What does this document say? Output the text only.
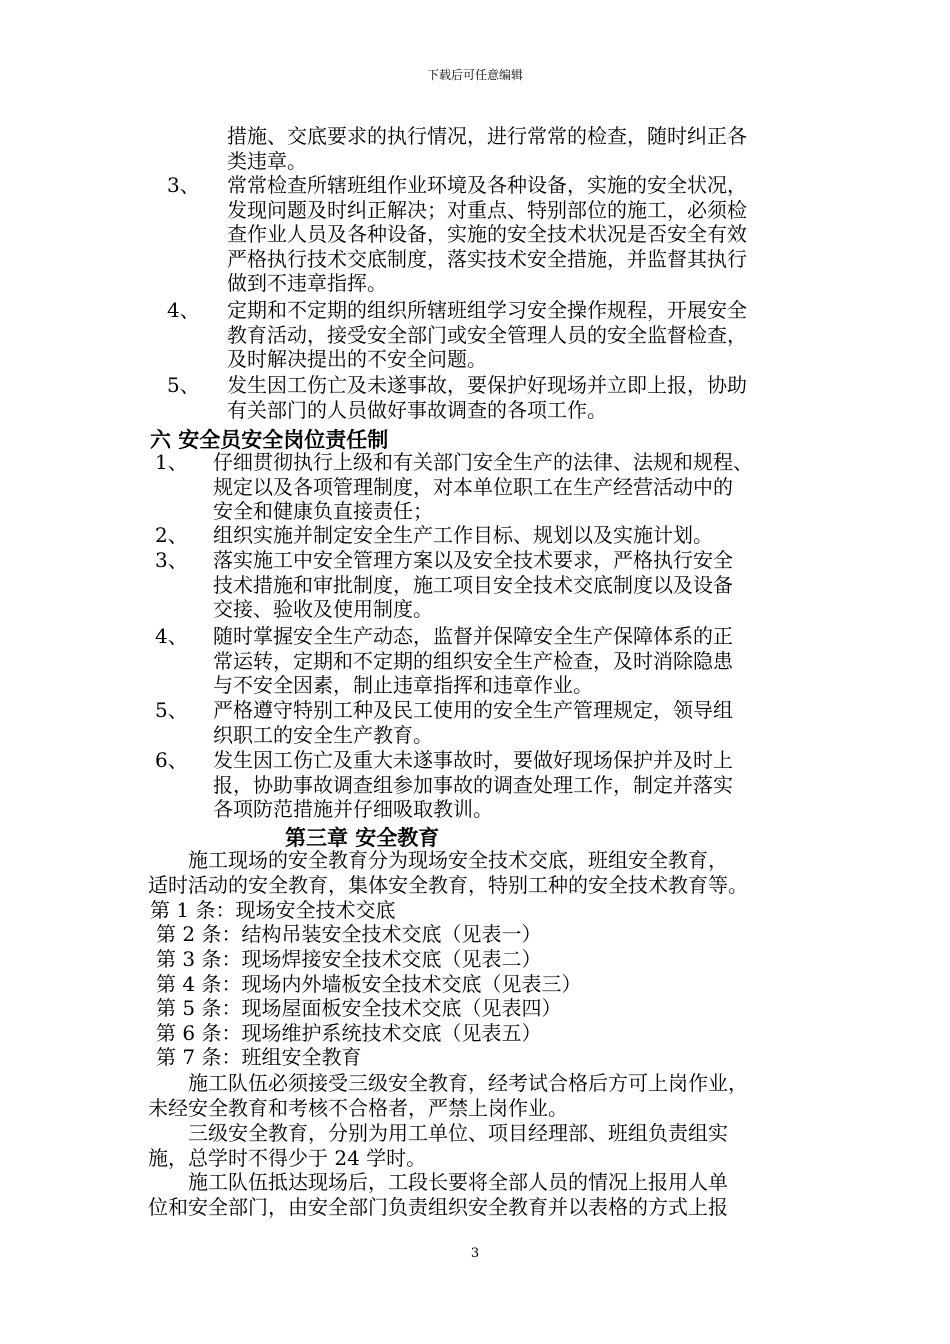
下载后可任意编辑
措施、交底要求的执行情况，进行常常的检查，随时纠正各
类违章。
3、 常常检查所辖班组作业环境及各种设备，实施的安全状况，
发现问题及时纠正解决；对重点、特别部位的施工，必须检
查作业人员及各种设备，实施的安全技术状况是否安全有效
严格执行技术交底制度，落实技术安全措施，并监督其执行
做到不违章指挥。
4、 定期和不定期的组织所辖班组学习安全操作规程，开展安全
教育活动，接受安全部门或安全管理人员的安全监督检查，
及时解决提出的不安全问题。
5、 发生因工伤亡及未遂事故，要保护好现场并立即上报，协助
有关部门的人员做好事故调查的各项工作。
六 安全员安全岗位责任制
1、 仔细贯彻执行上级和有关部门安全生产的法律、法规和规程、
规定以及各项管理制度，对本单位职工在生产经营活动中的
安全和健康负直接责任；
2、 组织实施并制定安全生产工作目标、规划以及实施计划。
3、 落实施工中安全管理方案以及安全技术要求，严格执行安全
技术措施和审批制度，施工项目安全技术交底制度以及设备
交接、验收及使用制度。
4、 随时掌握安全生产动态，监督并保障安全生产保障体系的正
常运转，定期和不定期的组织安全生产检查，及时消除隐患
与不安全因素，制止违章指挥和违章作业。
5、 严格遵守特别工种及民工使用的安全生产管理规定，领导组
织职工的安全生产教育。
6、 发生因工伤亡及重大未遂事故时，要做好现场保护并及时上
报，协助事故调查组参加事故的调查处理工作，制定并落实
各项防范措施并仔细吸取教训。
第三章 安全教育
施工现场的安全教育分为现场安全技术交底，班组安全教育，
适时活动的安全教育，集体安全教育，特别工种的安全技术教育等。
第 1 条：现场安全技术交底
第 2 条：结构吊装安全技术交底（见表一）
第 3 条：现场焊接安全技术交底（见表二）
第 4 条：现场内外墙板安全技术交底（见表三）
第 5 条：现场屋面板安全技术交底（见表四）
第 6 条：现场维护系统技术交底（见表五）
第 7 条：班组安全教育
施工队伍必须接受三级安全教育，经考试合格后方可上岗作业，
未经安全教育和考核不合格者，严禁上岗作业。
三级安全教育，分别为用工单位、项目经理部、班组负责组实
施，总学时不得少于 24 学时。
施工队伍抵达现场后，工段长要将全部人员的情况上报用人单
位和安全部门，由安全部门负责组织安全教育并以表格的方式上报
3
